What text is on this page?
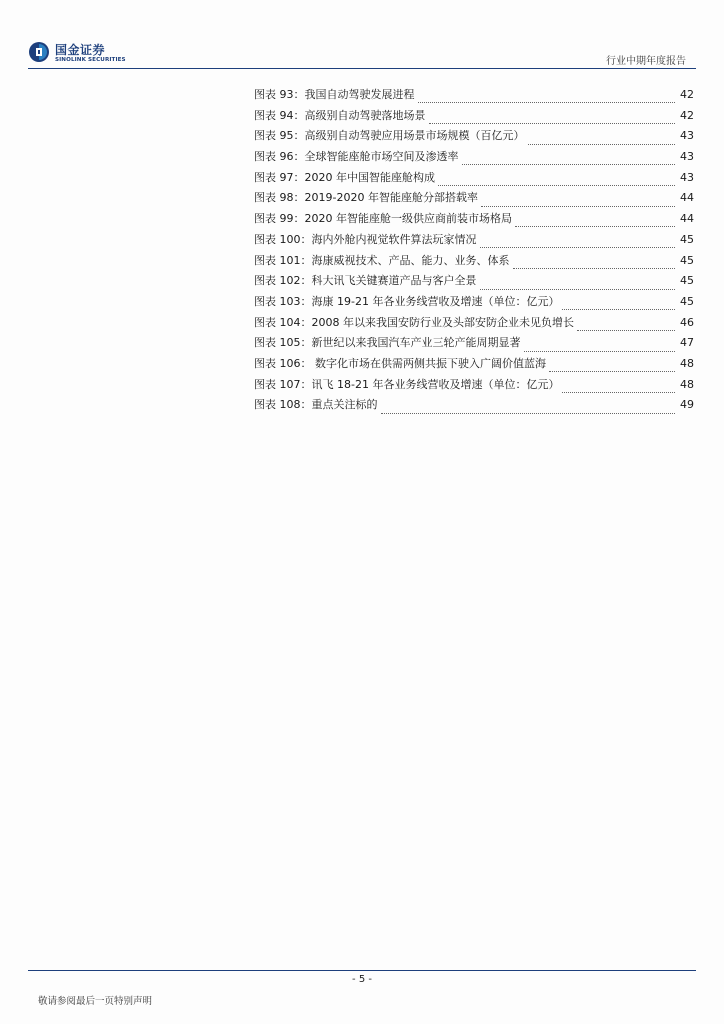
国金证券
SINOLINK SECURITIES	行业中期年度报告
图表 93：我国自动驾驶发展进程	42
图表 94：高级别自动驾驶落地场景	42
图表 95：高级别自动驾驶应用场景市场规模（百亿元）	43
图表 96：全球智能座舱市场空间及渗透率	43
图表 97：2020 年中国智能座舱构成	43
图表 98：2019-2020 年智能座舱分部搭载率	44
图表 99：2020 年智能座舱一级供应商前装市场格局	44
图表 100：海内外舱内视觉软件算法玩家情况	45
图表 101：海康威视技术、产品、能力、业务、体系	45
图表 102：科大讯飞关键赛道产品与客户全景	45
图表 103：海康 19-21 年各业务线营收及增速（单位：亿元）	45
图表 104：2008 年以来我国安防行业及头部安防企业未见负增长	46
图表 105：新世纪以来我国汽车产业三轮产能周期显著	47
图表 106： 数字化市场在供需两侧共振下驶入广阔价值蓝海	48
图表 107：讯飞 18-21 年各业务线营收及增速（单位：亿元）	48
图表 108：重点关注标的	49
- 5 -
敬请参阅最后一页特别声明
